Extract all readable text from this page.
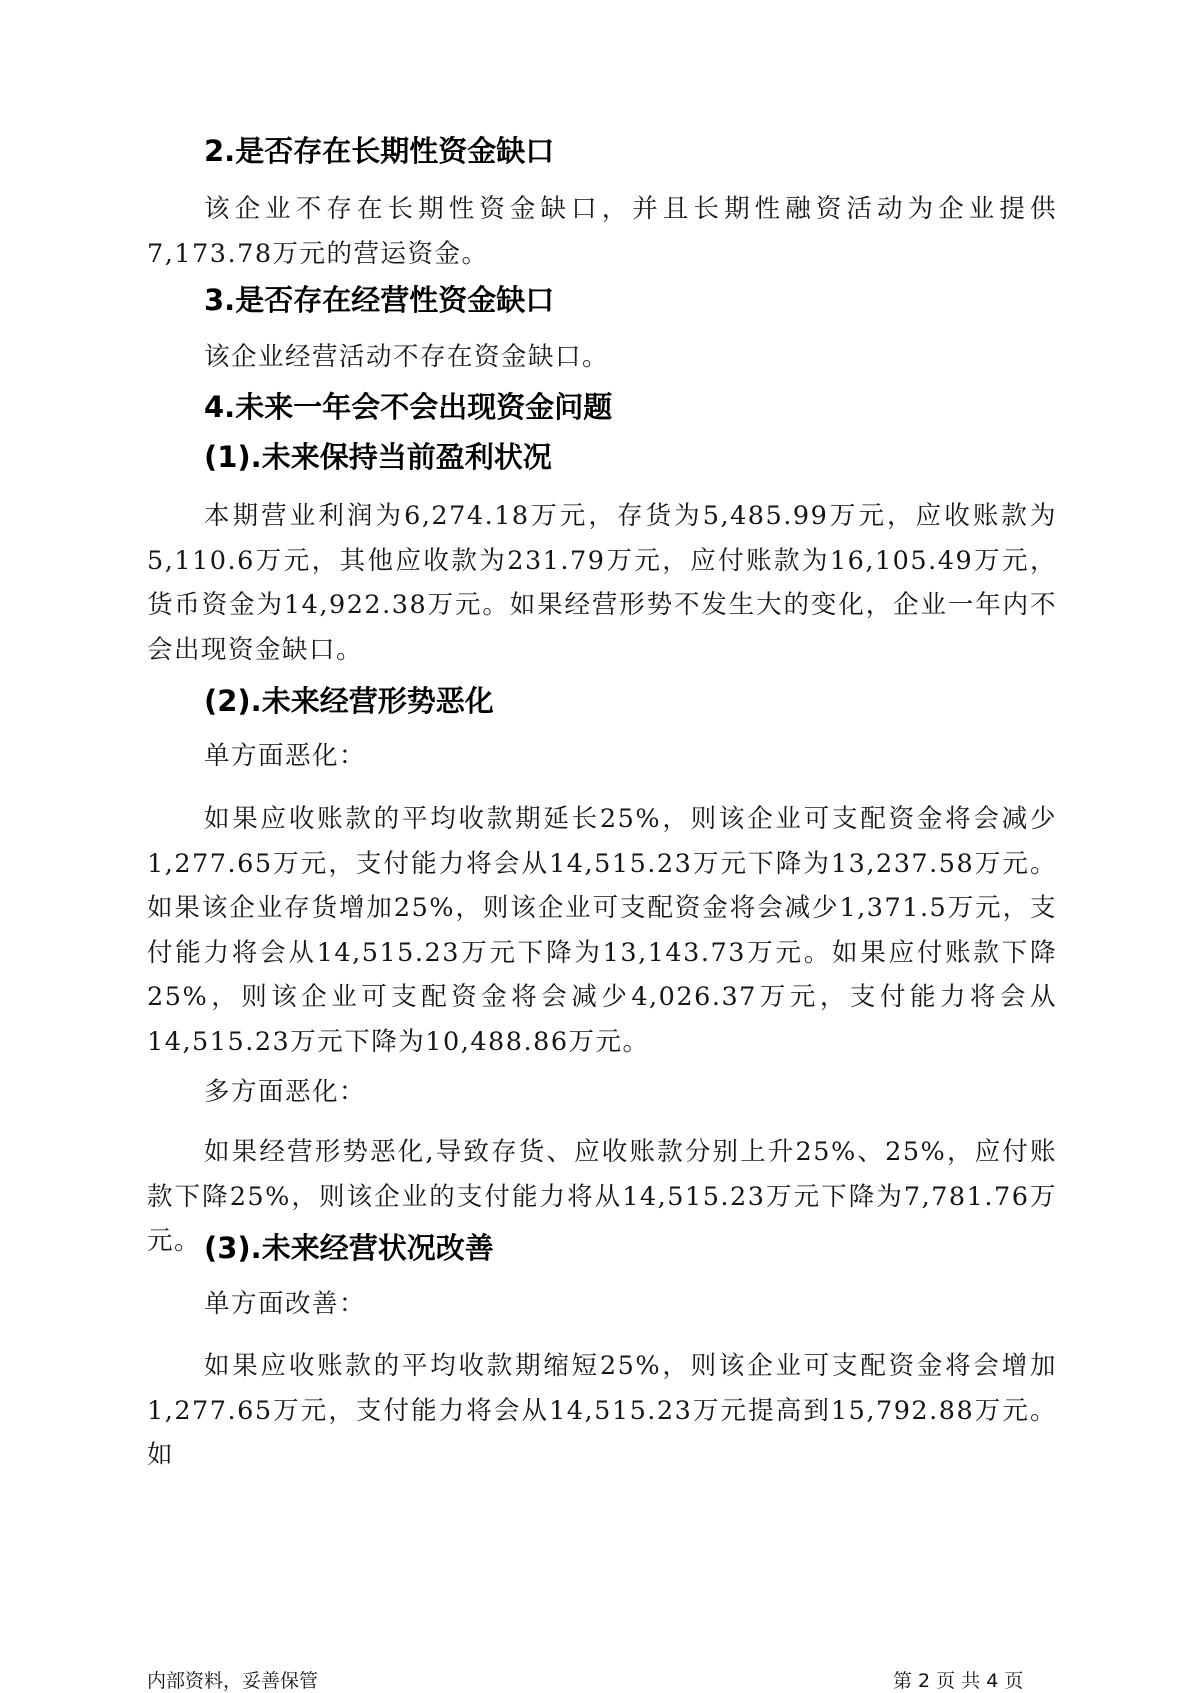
2.是否存在长期性资金缺口

该企业不存在长期性资金缺口，并且长期性融资活动为企业提供7,173.78万元的营运资金。

3.是否存在经营性资金缺口

该企业经营活动不存在资金缺口。

4.未来一年会不会出现资金问题
(1).未来保持当前盈利状况

本期营业利润为6,274.18万元，存货为5,485.99万元，应收账款为5,110.6万元，其他应收款为231.79万元，应付账款为16,105.49万元，货币资金为14,922.38万元。如果经营形势不发生大的变化，企业一年内不会出现资金缺口。

(2).未来经营形势恶化
单方面恶化：

如果应收账款的平均收款期延长25%，则该企业可支配资金将会减少1,277.65万元，支付能力将会从14,515.23万元下降为13,237.58万元。如果该企业存货增加25%，则该企业可支配资金将会减少1,371.5万元，支付能力将会从14,515.23万元下降为13,143.73万元。如果应付账款下降25%，则该企业可支配资金将会减少4,026.37万元，支付能力将会从14,515.23万元下降为10,488.86万元。

多方面恶化：

如果经营形势恶化,导致存货、应收账款分别上升25%、25%，应付账款下降25%，则该企业的支付能力将从14,515.23万元下降为7,781.76万元。 (3).未来经营状况改善
单方面改善：

如果应收账款的平均收款期缩短25%，则该企业可支配资金将会增加1,277.65万元，支付能力将会从14,515.23万元提高到15,792.88万元。如

内部资料，妥善保管	第 2 页 共 4 页
